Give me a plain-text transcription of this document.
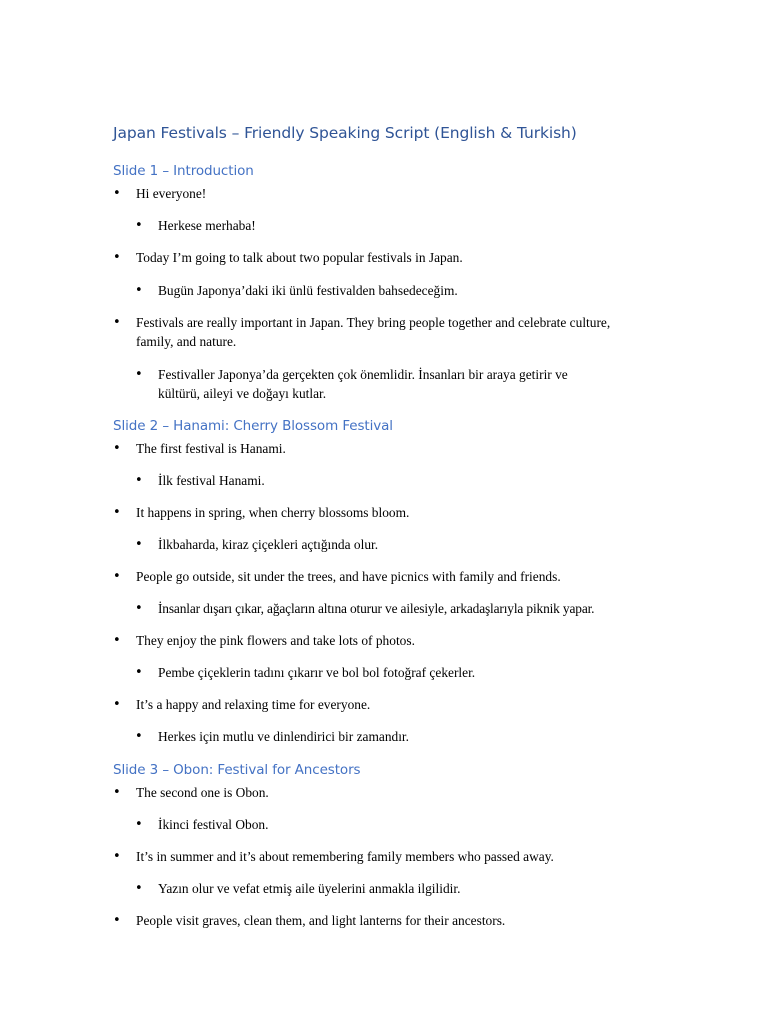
Japan Festivals – Friendly Speaking Script (English & Turkish)
Slide 1 – Introduction
• Hi everyone!
• Herkese merhaba!
• Today I’m going to talk about two popular festivals in Japan.
• Bugün Japonya’daki iki ünlü festivalden bahsedeceğim.
• Festivals are really important in Japan. They bring people together and celebrate culture, family, and nature.
• Festivaller Japonya’da gerçekten çok önemlidir. İnsanları bir araya getirir ve kültürü, aileyi ve doğayı kutlar.
Slide 2 – Hanami: Cherry Blossom Festival
• The first festival is Hanami.
• İlk festival Hanami.
• It happens in spring, when cherry blossoms bloom.
• İlkbaharda, kiraz çiçekleri açtığında olur.
• People go outside, sit under the trees, and have picnics with family and friends.
• İnsanlar dışarı çıkar, ağaçların altına oturur ve ailesiyle, arkadaşlarıyla piknik yapar.
• They enjoy the pink flowers and take lots of photos.
• Pembe çiçeklerin tadını çıkarır ve bol bol fotoğraf çekerler.
• It’s a happy and relaxing time for everyone.
• Herkes için mutlu ve dinlendirici bir zamandır.
Slide 3 – Obon: Festival for Ancestors
• The second one is Obon.
• İkinci festival Obon.
• It’s in summer and it’s about remembering family members who passed away.
• Yazın olur ve vefat etmiş aile üyelerini anmakla ilgilidir.
• People visit graves, clean them, and light lanterns for their ancestors.
